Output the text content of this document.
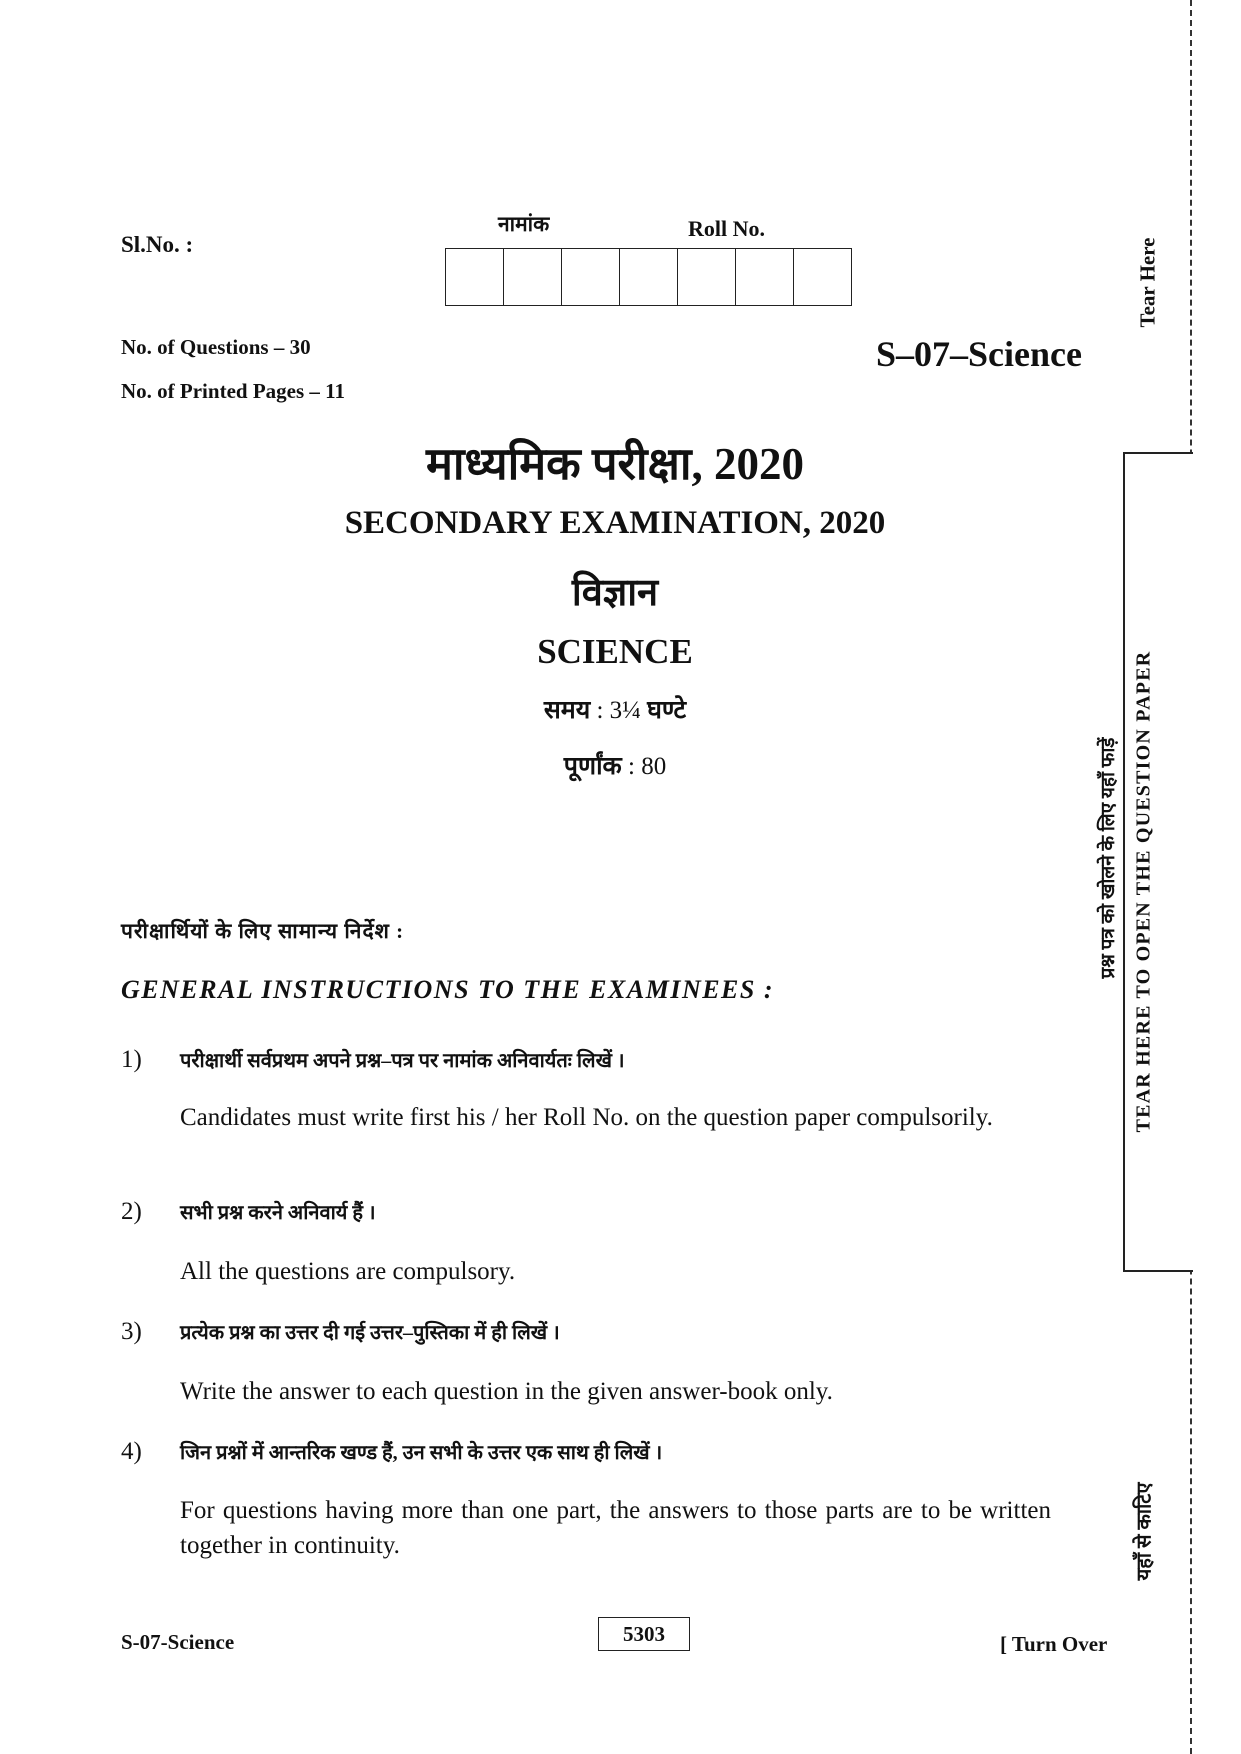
Sl.No. :
नामांक	Roll No.
No. of Questions – 30
No. of Printed Pages – 11
S–07–Science
माध्यमिक परीक्षा, 2020
SECONDARY EXAMINATION, 2020
विज्ञान
SCIENCE
समय : 3¼ घण्टे
पूर्णांक : 80
परीक्षार्थियों के लिए सामान्य निर्देश :
GENERAL INSTRUCTIONS TO THE EXAMINEES :
1) परीक्षार्थी सर्वप्रथम अपने प्रश्न–पत्र पर नामांक अनिवार्यतः लिखें ।
Candidates must write first his / her Roll No. on the question paper compulsorily.
2) सभी प्रश्न करने अनिवार्य हैं ।
All the questions are compulsory.
3) प्रत्येक प्रश्न का उत्तर दी गई उत्तर–पुस्तिका में ही लिखें ।
Write the answer to each question in the given answer-book only.
4) जिन प्रश्नों में आन्तरिक खण्ड हैं, उन सभी के उत्तर एक साथ ही लिखें ।
For questions having more than one part, the answers to those parts are to be written together in continuity.
S-07-Science	5303	[ Turn Over
Tear Here
प्रश्न पत्र को खोलने के लिए यहाँ फाड़ें TEAR HERE TO OPEN THE QUESTION PAPER
यहाँ से काटिए
